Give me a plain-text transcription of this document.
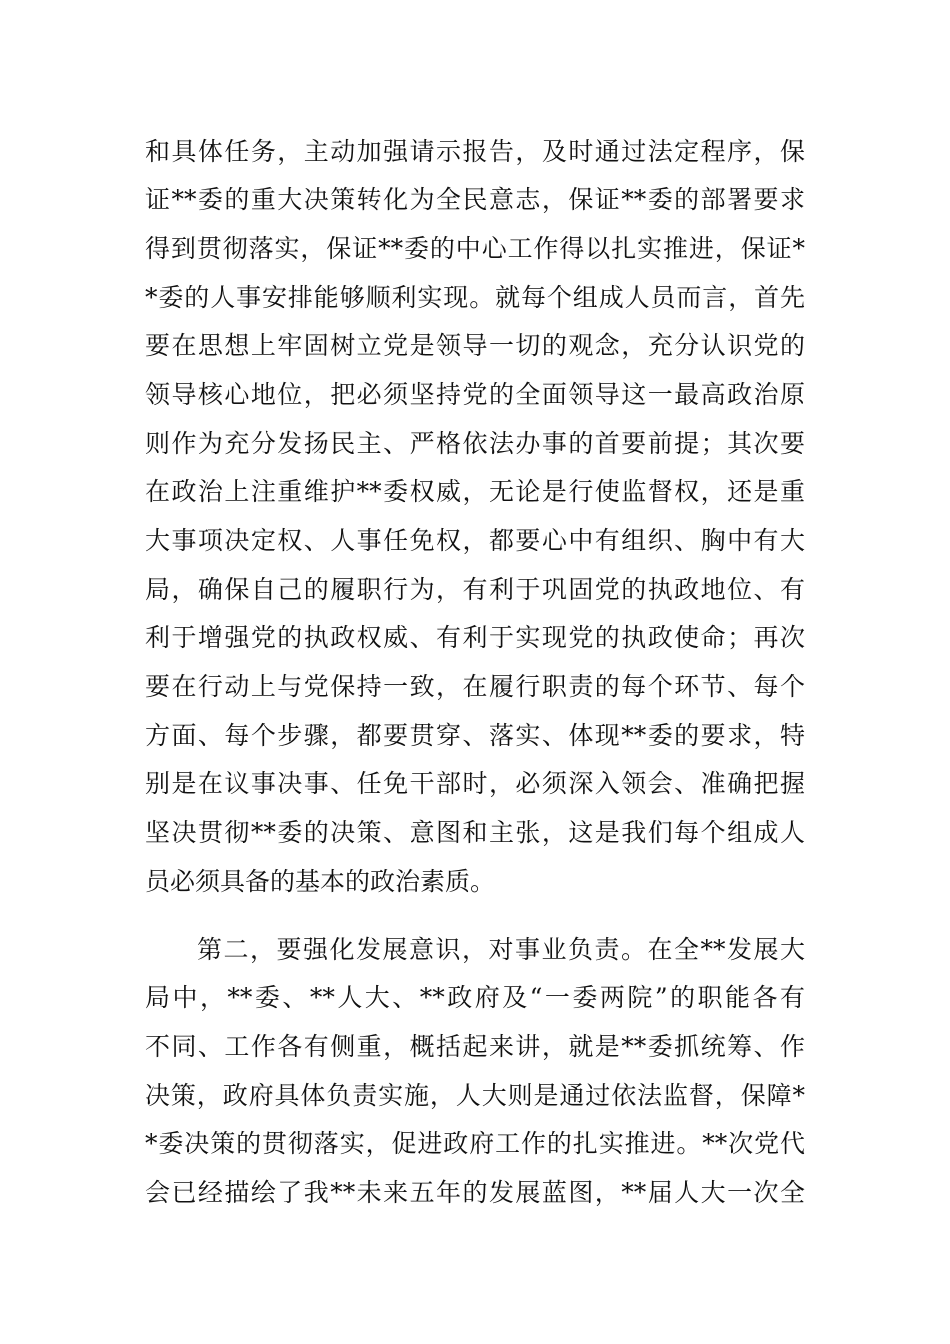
和具体任务，主动加强请示报告，及时通过法定程序，保
证**委的重大决策转化为全民意志，保证**委的部署要求
得到贯彻落实，保证**委的中心工作得以扎实推进，保证*
*委的人事安排能够顺利实现。就每个组成人员而言，首先
要在思想上牢固树立党是领导一切的观念，充分认识党的
领导核心地位，把必须坚持党的全面领导这一最高政治原
则作为充分发扬民主、严格依法办事的首要前提；其次要
在政治上注重维护**委权威，无论是行使监督权，还是重
大事项决定权、人事任免权，都要心中有组织、胸中有大
局，确保自己的履职行为，有利于巩固党的执政地位、有
利于增强党的执政权威、有利于实现党的执政使命；再次
要在行动上与党保持一致，在履行职责的每个环节、每个
方面、每个步骤，都要贯穿、落实、体现**委的要求，特
别是在议事决事、任免干部时，必须深入领会、准确把握
坚决贯彻**委的决策、意图和主张，这是我们每个组成人
员必须具备的基本的政治素质。
第二，要强化发展意识，对事业负责。在全**发展大
局中，**委、**人大、**政府及“一委两院”的职能各有
不同、工作各有侧重，概括起来讲，就是**委抓统筹、作
决策，政府具体负责实施，人大则是通过依法监督，保障*
*委决策的贯彻落实，促进政府工作的扎实推进。**次党代
会已经描绘了我**未来五年的发展蓝图，**届人大一次全
